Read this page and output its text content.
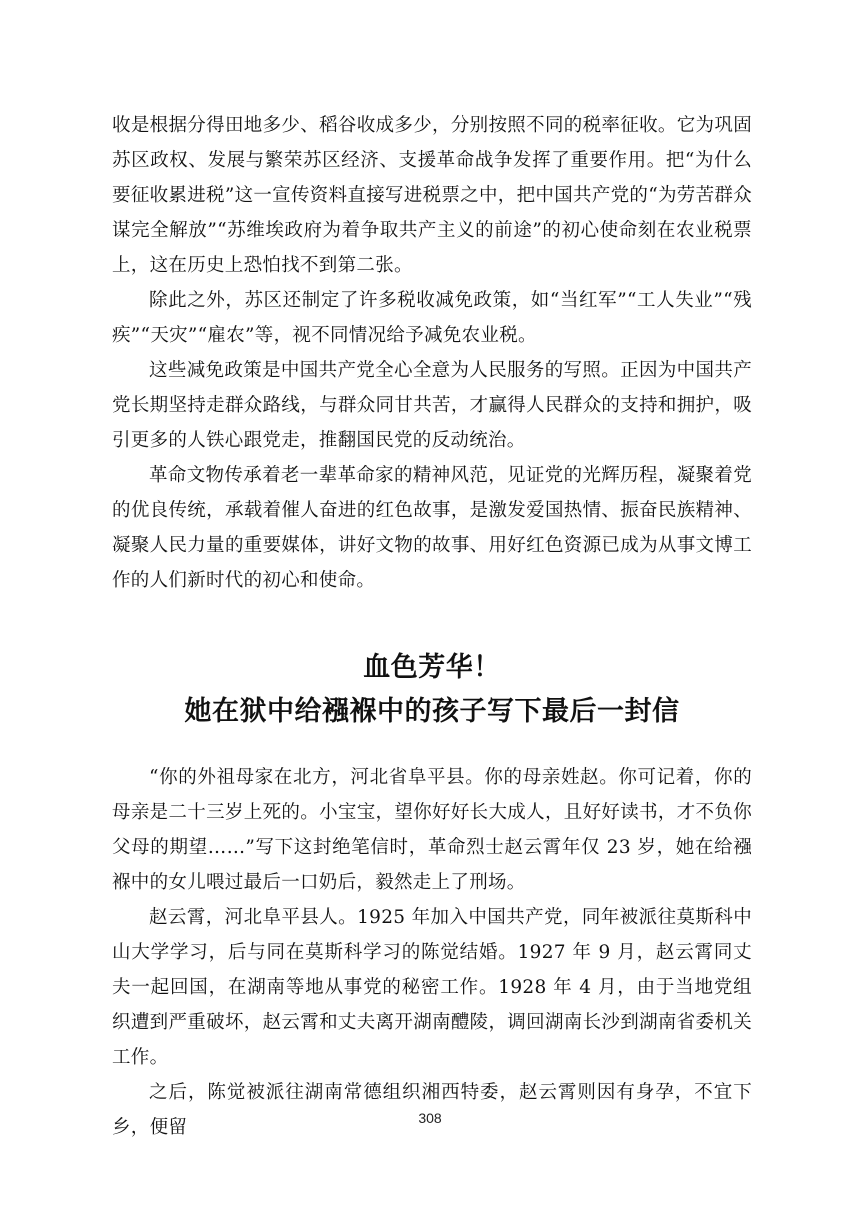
收是根据分得田地多少、稻谷收成多少，分别按照不同的税率征收。它为巩固苏区政权、发展与繁荣苏区经济、支援革命战争发挥了重要作用。把“为什么要征收累进税”这一宣传资料直接写进税票之中，把中国共产党的“为劳苦群众谋完全解放”“苏维埃政府为着争取共产主义的前途”的初心使命刻在农业税票上，这在历史上恐怕找不到第二张。

除此之外，苏区还制定了许多税收减免政策，如“当红军”“工人失业”“残疾”“天灾”“雇农”等，视不同情况给予减免农业税。

这些减免政策是中国共产党全心全意为人民服务的写照。正因为中国共产党长期坚持走群众路线，与群众同甘共苦，才赢得人民群众的支持和拥护，吸引更多的人铁心跟党走，推翻国民党的反动统治。

革命文物传承着老一辈革命家的精神风范，见证党的光辉历程，凝聚着党的优良传统，承载着催人奋进的红色故事，是激发爱国热情、振奋民族精神、凝聚人民力量的重要媒体，讲好文物的故事、用好红色资源已成为从事文博工作的人们新时代的初心和使命。

血色芳华！

她在狱中给襁褓中的孩子写下最后一封信

“你的外祖母家在北方，河北省阜平县。你的母亲姓赵。你可记着，你的母亲是二十三岁上死的。小宝宝，望你好好长大成人，且好好读书，才不负你父母的期望……”写下这封绝笔信时，革命烈士赵云霄年仅 23 岁，她在给襁褓中的女儿喂过最后一口奶后，毅然走上了刑场。

赵云霄，河北阜平县人。1925 年加入中国共产党，同年被派往莫斯科中山大学学习，后与同在莫斯科学习的陈觉结婚。1927 年 9 月，赵云霄同丈夫一起回国，在湖南等地从事党的秘密工作。1928 年 4 月，由于当地党组织遭到严重破坏，赵云霄和丈夫离开湖南醴陵，调回湖南长沙到湖南省委机关工作。

之后，陈觉被派往湖南常德组织湘西特委，赵云霄则因有身孕，不宜下乡，便留	308
